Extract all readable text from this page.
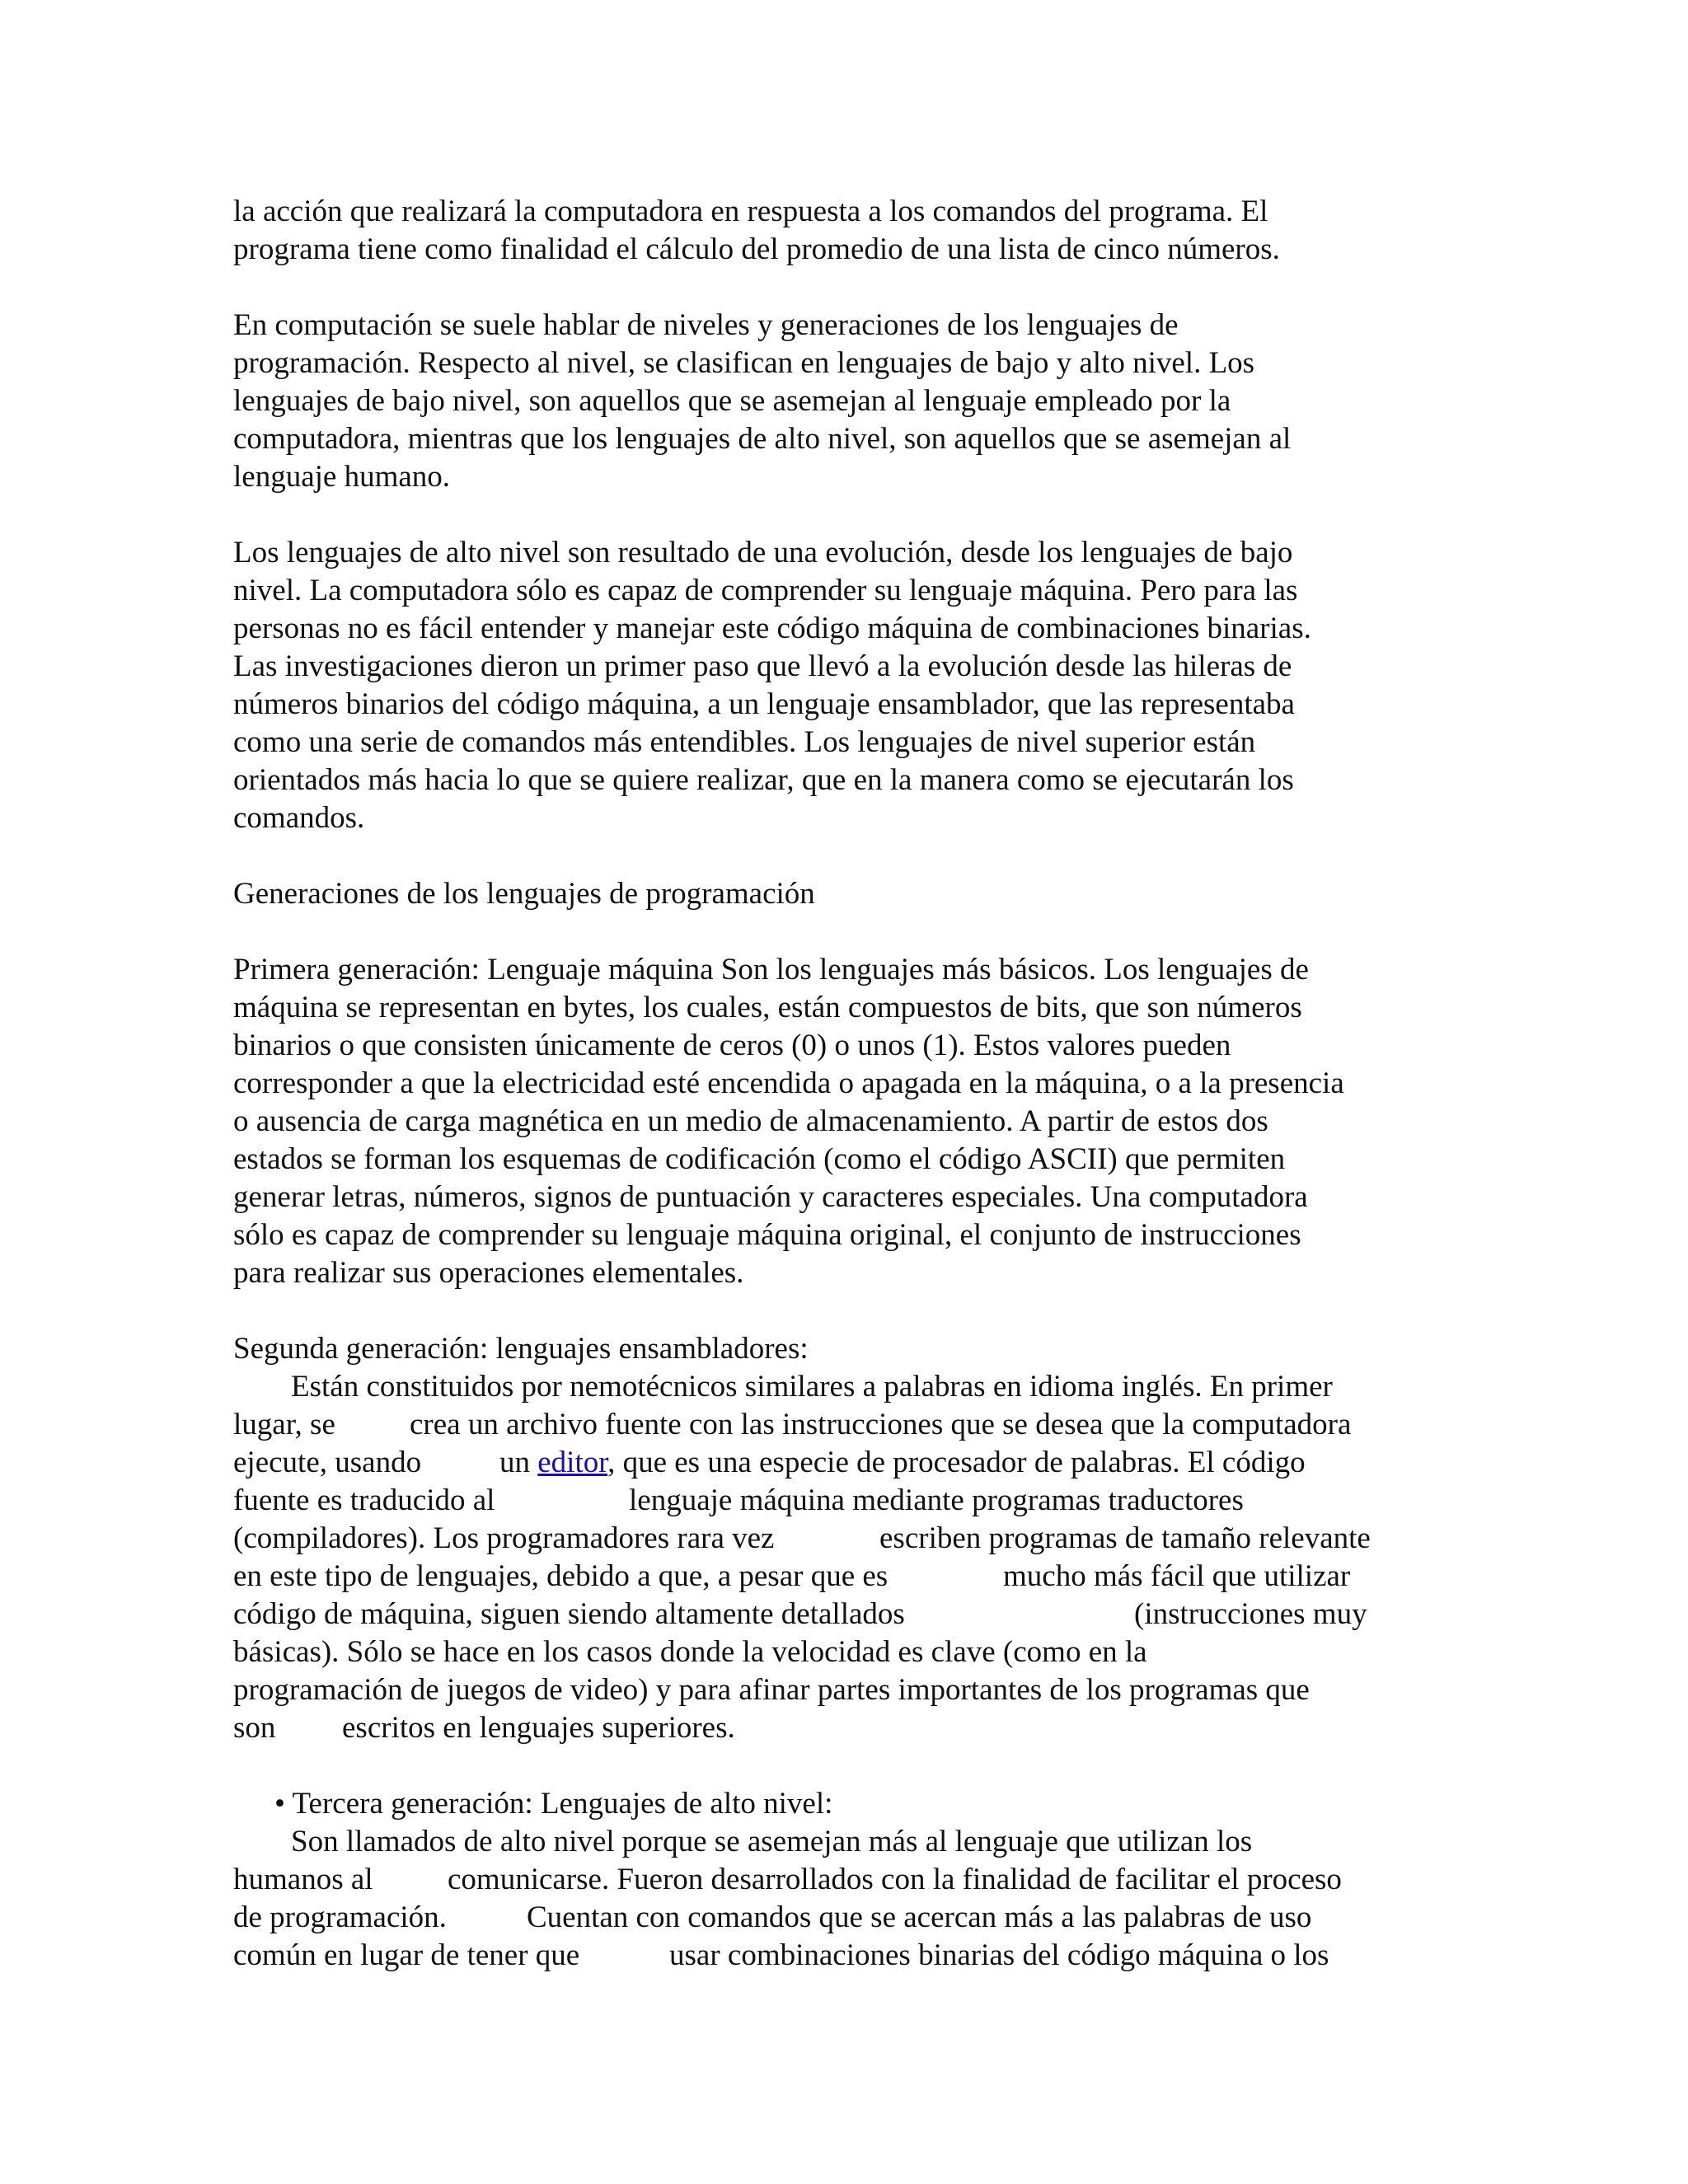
la acción que realizará la computadora en respuesta a los comandos del programa. El

programa tiene como finalidad el cálculo del promedio de una lista de cinco números.

En computación se suele hablar de niveles y generaciones de los lenguajes de

programación. Respecto al nivel, se clasifican en lenguajes de bajo y alto nivel. Los

lenguajes de bajo nivel, son aquellos que se asemejan al lenguaje empleado por la

computadora, mientras que los lenguajes de alto nivel, son aquellos que se asemejan al

lenguaje humano.

Los lenguajes de alto nivel son resultado de una evolución, desde los lenguajes de bajo

nivel. La computadora sólo es capaz de comprender su lenguaje máquina. Pero para las

personas no es fácil entender y manejar este código máquina de combinaciones binarias.

Las investigaciones dieron un primer paso que llevó a la evolución desde las hileras de

números binarios del código máquina, a un lenguaje ensamblador, que las representaba

como una serie de comandos más entendibles. Los lenguajes de nivel superior están

orientados más hacia lo que se quiere realizar, que en la manera como se ejecutarán los

comandos.

Generaciones de los lenguajes de programación

Primera generación: Lenguaje máquina Son los lenguajes más básicos. Los lenguajes de

máquina se representan en bytes, los cuales, están compuestos de bits, que son números

binarios o que consisten únicamente de ceros (0) o unos (1). Estos valores pueden

corresponder a que la electricidad esté encendida o apagada en la máquina, o a la presencia

o ausencia de carga magnética en un medio de almacenamiento. A partir de estos dos

estados se forman los esquemas de codificación (como el código ASCII) que permiten

generar letras, números, signos de puntuación y caracteres especiales. Una computadora

sólo es capaz de comprender su lenguaje máquina original, el conjunto de instrucciones

para realizar sus operaciones elementales.

Segunda generación: lenguajes ensambladores:

Están constituidos por nemotécnicos similares a palabras en idioma inglés. En primer

lugar, se crea un archivo fuente con las instrucciones que se desea que la computadora

ejecute, usando	un editor, que es una especie de procesador de palabras. El código

fuente es traducido al	lenguaje máquina mediante programas traductores

(compiladores). Los programadores rara vez	escriben programas de tamaño relevante

en este tipo de lenguajes, debido a que, a pesar que es	mucho más fácil que utilizar

código de máquina, siguen siendo altamente detallados	(instrucciones muy

básicas). Sólo se hace en los casos donde la velocidad es clave (como en la

programación de juegos de video) y para afinar partes importantes de los programas que

son escritos en lenguajes superiores.

• Tercera generación: Lenguajes de alto nivel:

Son llamados de alto nivel porque se asemejan más al lenguaje que utilizan los

humanos al comunicarse. Fueron desarrollados con la finalidad de facilitar el proceso

de programación.	Cuentan con comandos que se acercan más a las palabras de uso

común en lugar de tener que	usar combinaciones binarias del código máquina o los
